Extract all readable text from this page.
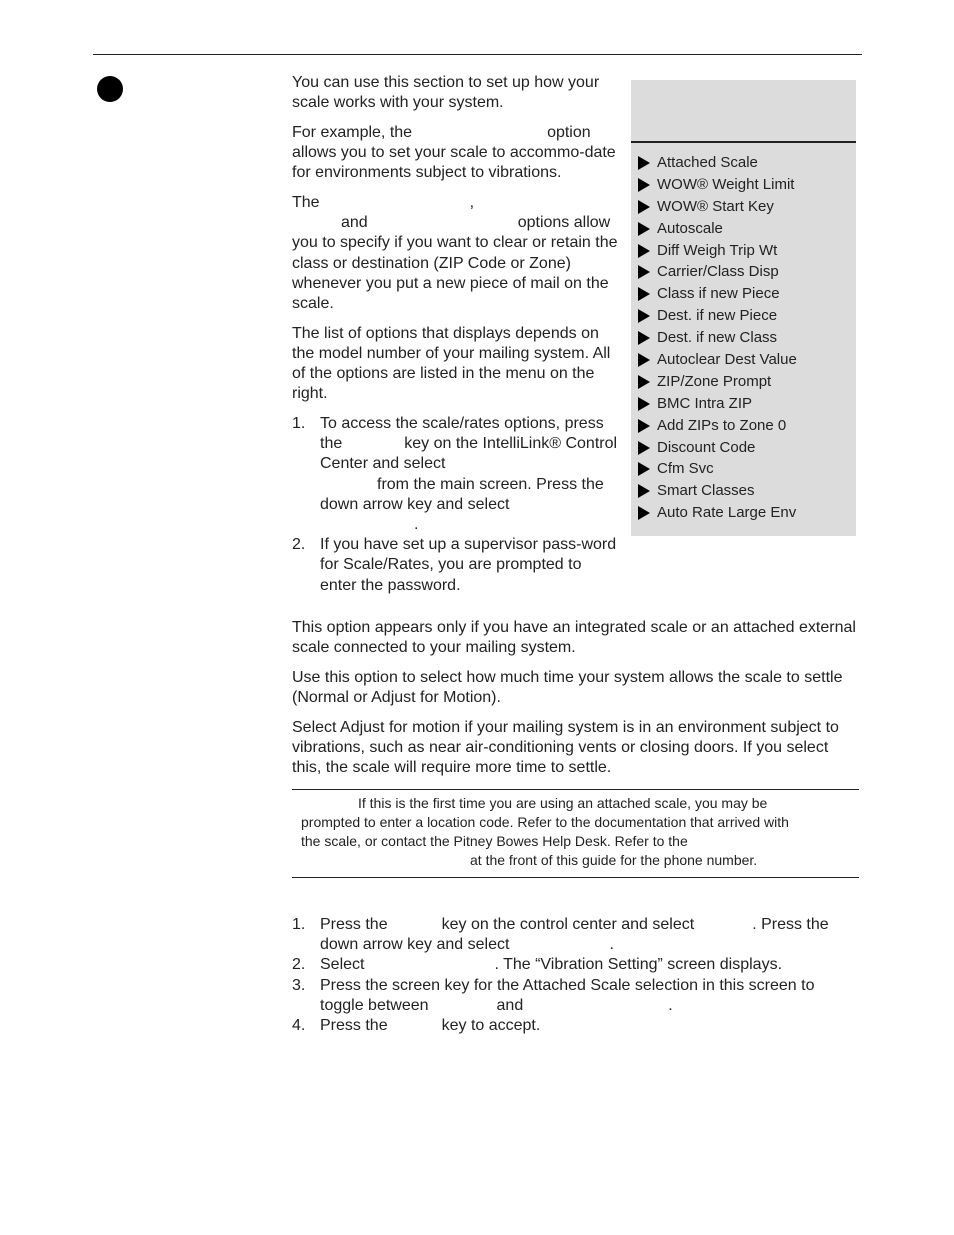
You can use this section to set up how your scale works with your system.

For example, the	option allows you to set your scale to accommo-date for environments subject to vibrations.

The	,
and	options allow you to specify if you want to clear or retain the class or destination (ZIP Code or Zone) whenever you put a new piece of mail on the scale.

The list of options that displays depends on the model number of your mailing system. All of the options are listed in the menu on the right.

1. To access the scale/rates options, press the	key on the IntelliLink® Control Center and select
from the main screen. Press the down arrow key and select
.
2. If you have set up a supervisor pass-word for Scale/Rates, you are prompted to enter the password.
Attached Scale
WOW® Weight Limit
WOW® Start Key
Autoscale
Diff Weigh Trip Wt
Carrier/Class Disp
Class if new Piece
Dest. if new Piece
Dest. if new Class
Autoclear Dest Value
ZIP/Zone Prompt
BMC Intra ZIP
Add ZIPs to Zone 0
Discount Code
Cfm Svc
Smart Classes
Auto Rate Large Env

This option appears only if you have an integrated scale or an attached external scale connected to your mailing system.

Use this option to select how much time your system allows the scale to settle (Normal or Adjust for Motion).

Select Adjust for motion if your mailing system is in an environment subject to vibrations, such as near air-conditioning vents or closing doors. If you select this, the scale will require more time to settle.

If this is the first time you are using an attached scale, you may be

prompted to enter a location code. Refer to the documentation that arrived with

the scale, or contact the Pitney Bowes Help Desk. Refer to the

at the front of this guide for the phone number.

1. Press the	key on the control center and select	. Press the down arrow key and select	.
2. Select	. The “Vibration Setting” screen displays.
3. Press the screen key for the Attached Scale selection in this screen to toggle between	and	.
4. Press the	key to accept.
